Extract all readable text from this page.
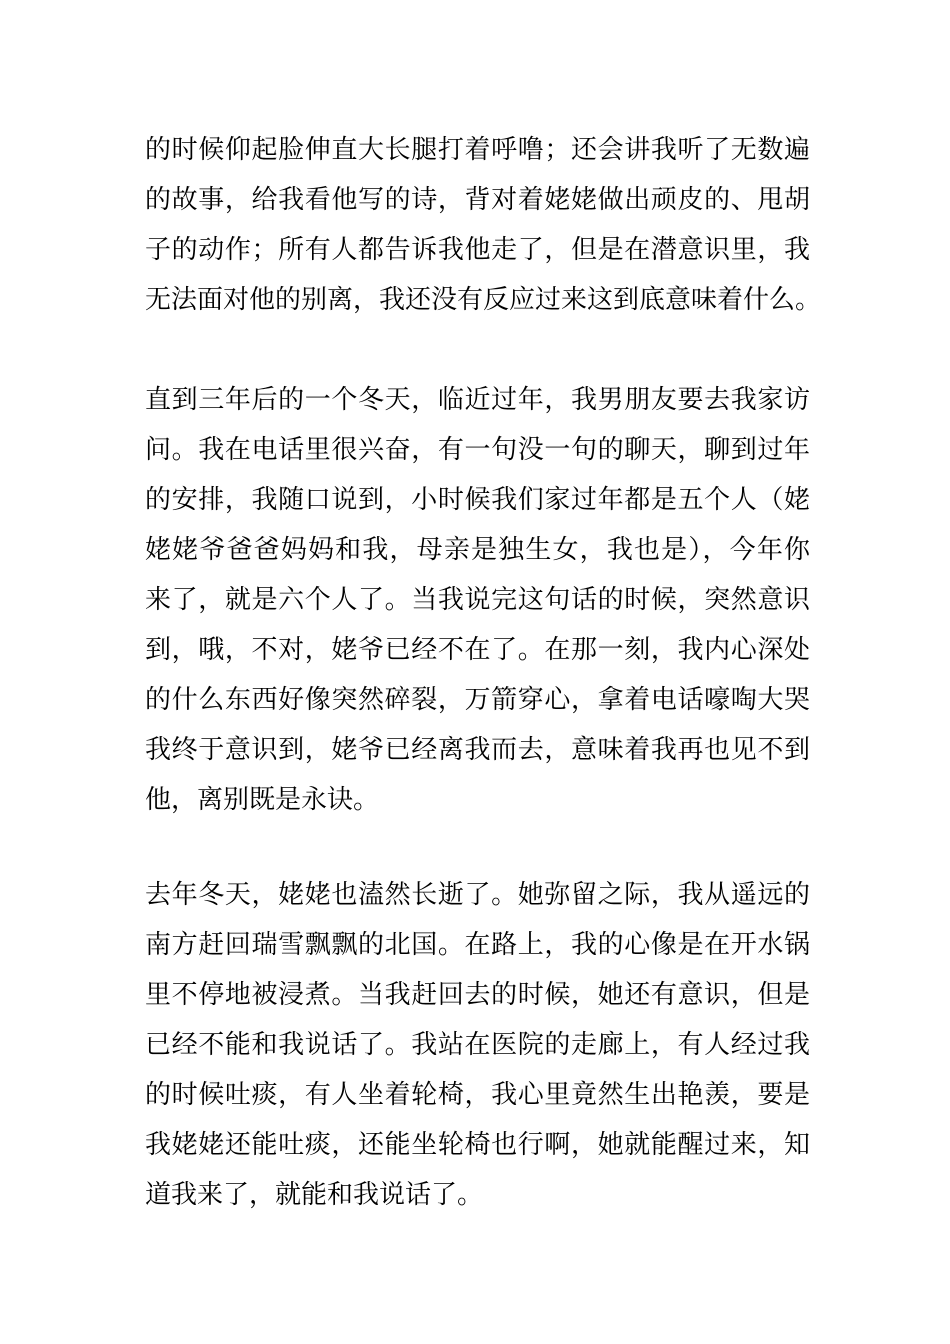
的时候仰起脸伸直大长腿打着呼噜；还会讲我听了无数遍
的故事，给我看他写的诗，背对着姥姥做出顽皮的、甩胡
子的动作；所有人都告诉我他走了，但是在潜意识里，我
无法面对他的别离，我还没有反应过来这到底意味着什么。
直到三年后的一个冬天，临近过年，我男朋友要去我家访
问。我在电话里很兴奋，有一句没一句的聊天，聊到过年
的安排，我随口说到，小时候我们家过年都是五个人（姥
姥姥爷爸爸妈妈和我，母亲是独生女，我也是），今年你
来了，就是六个人了。当我说完这句话的时候，突然意识
到，哦，不对，姥爷已经不在了。在那一刻，我内心深处
的什么东西好像突然碎裂，万箭穿心，拿着电话嚎啕大哭
我终于意识到，姥爷已经离我而去，意味着我再也见不到
他，离别既是永诀。
去年冬天，姥姥也溘然长逝了。她弥留之际，我从遥远的
南方赶回瑞雪飘飘的北国。在路上，我的心像是在开水锅
里不停地被浸煮。当我赶回去的时候，她还有意识，但是
已经不能和我说话了。我站在医院的走廊上，有人经过我
的时候吐痰，有人坐着轮椅，我心里竟然生出艳羡，要是
我姥姥还能吐痰，还能坐轮椅也行啊，她就能醒过来，知
道我来了，就能和我说话了。
